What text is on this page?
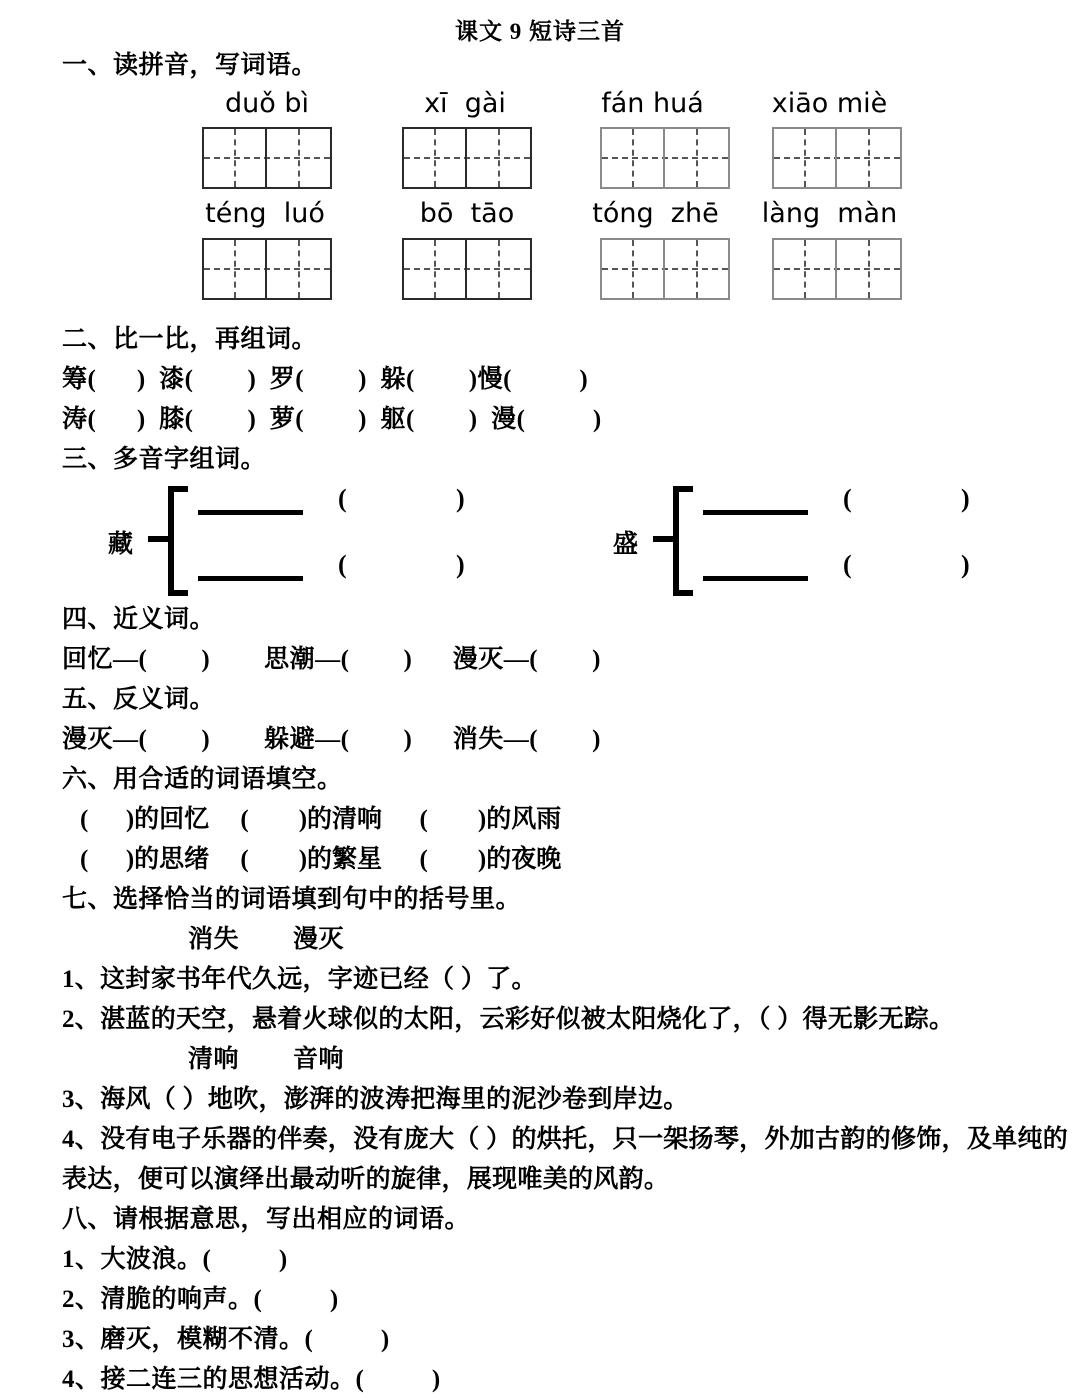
课文 9 短诗三首
一、读拼音，写词语。
duǒ bì	xī  gài	fán huá	xiāo miè
téng  luó	bō  tāo	tóng  zhē	làng  màn
二、比一比，再组词。
筹(      )  漆(        )  罗(        )  躲(        )慢(          )
涛(      )  膝(        )  萝(        )  躯(        )  漫(          )
三、多音字组词。
藏
(	)
(	)
盛
(	)
(	)
四、近义词。
回忆—(        )        思潮—(        )      漫灭—(        )
五、反义词。
漫灭—(        )        躲避—(        )      消失—(        )
六、用合适的词语填空。
(      )的回忆     (        )的清响      (        )的风雨
(      )的思绪     (        )的繁星      (        )的夜晚
七、选择恰当的词语填到句中的括号里。
消失        漫灭
1、这封家书年代久远，字迹已经（ ）了。
2、湛蓝的天空，悬着火球似的太阳，云彩好似被太阳烧化了，（ ）得无影无踪。
清响        音响
3、海风（ ）地吹，澎湃的波涛把海里的泥沙卷到岸边。
4、没有电子乐器的伴奏，没有庞大（ ）的烘托，只一架扬琴，外加古韵的修饰，及单纯的表达，便可以演绎出最动听的旋律，展现唯美的风韵。
八、请根据意思，写出相应的词语。
1、大波浪。(          )
2、清脆的响声。(          )
3、磨灭，模糊不清。(          )
4、接二连三的思想活动。(          )
